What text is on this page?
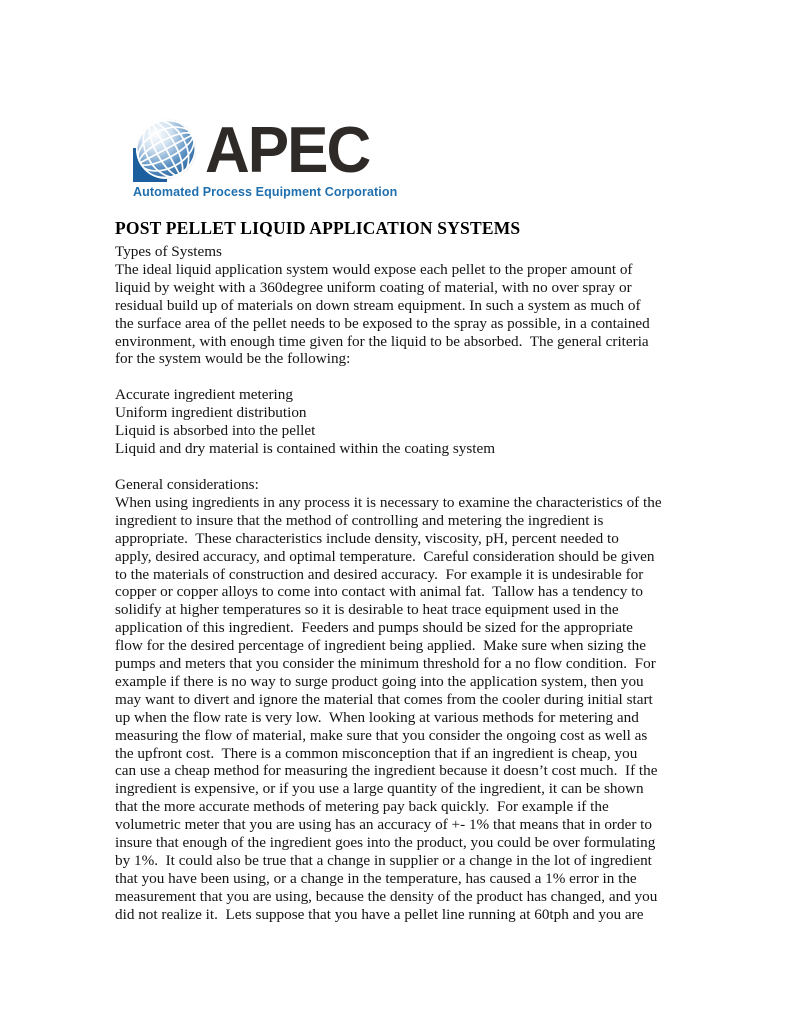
APEC
Automated Process Equipment Corporation
POST PELLET LIQUID APPLICATION SYSTEMS

Types of Systems
The ideal liquid application system would expose each pellet to the proper amount of
liquid by weight with a 360degree uniform coating of material, with no over spray or
residual build up of materials on down stream equipment. In such a system as much of
the surface area of the pellet needs to be exposed to the spray as possible, in a contained
environment, with enough time given for the liquid to be absorbed.  The general criteria
for the system would be the following:

Accurate ingredient metering
Uniform ingredient distribution
Liquid is absorbed into the pellet
Liquid and dry material is contained within the coating system

General considerations:
When using ingredients in any process it is necessary to examine the characteristics of the
ingredient to insure that the method of controlling and metering the ingredient is
appropriate.  These characteristics include density, viscosity, pH, percent needed to
apply, desired accuracy, and optimal temperature.  Careful consideration should be given
to the materials of construction and desired accuracy.  For example it is undesirable for
copper or copper alloys to come into contact with animal fat.  Tallow has a tendency to
solidify at higher temperatures so it is desirable to heat trace equipment used in the
application of this ingredient.  Feeders and pumps should be sized for the appropriate
flow for the desired percentage of ingredient being applied.  Make sure when sizing the
pumps and meters that you consider the minimum threshold for a no flow condition.  For
example if there is no way to surge product going into the application system, then you
may want to divert and ignore the material that comes from the cooler during initial start
up when the flow rate is very low.  When looking at various methods for metering and
measuring the flow of material, make sure that you consider the ongoing cost as well as
the upfront cost.  There is a common misconception that if an ingredient is cheap, you
can use a cheap method for measuring the ingredient because it doesn’t cost much.  If the
ingredient is expensive, or if you use a large quantity of the ingredient, it can be shown
that the more accurate methods of metering pay back quickly.  For example if the
volumetric meter that you are using has an accuracy of +- 1% that means that in order to
insure that enough of the ingredient goes into the product, you could be over formulating
by 1%.  It could also be true that a change in supplier or a change in the lot of ingredient
that you have been using, or a change in the temperature, has caused a 1% error in the
measurement that you are using, because the density of the product has changed, and you
did not realize it.  Lets suppose that you have a pellet line running at 60tph and you are
